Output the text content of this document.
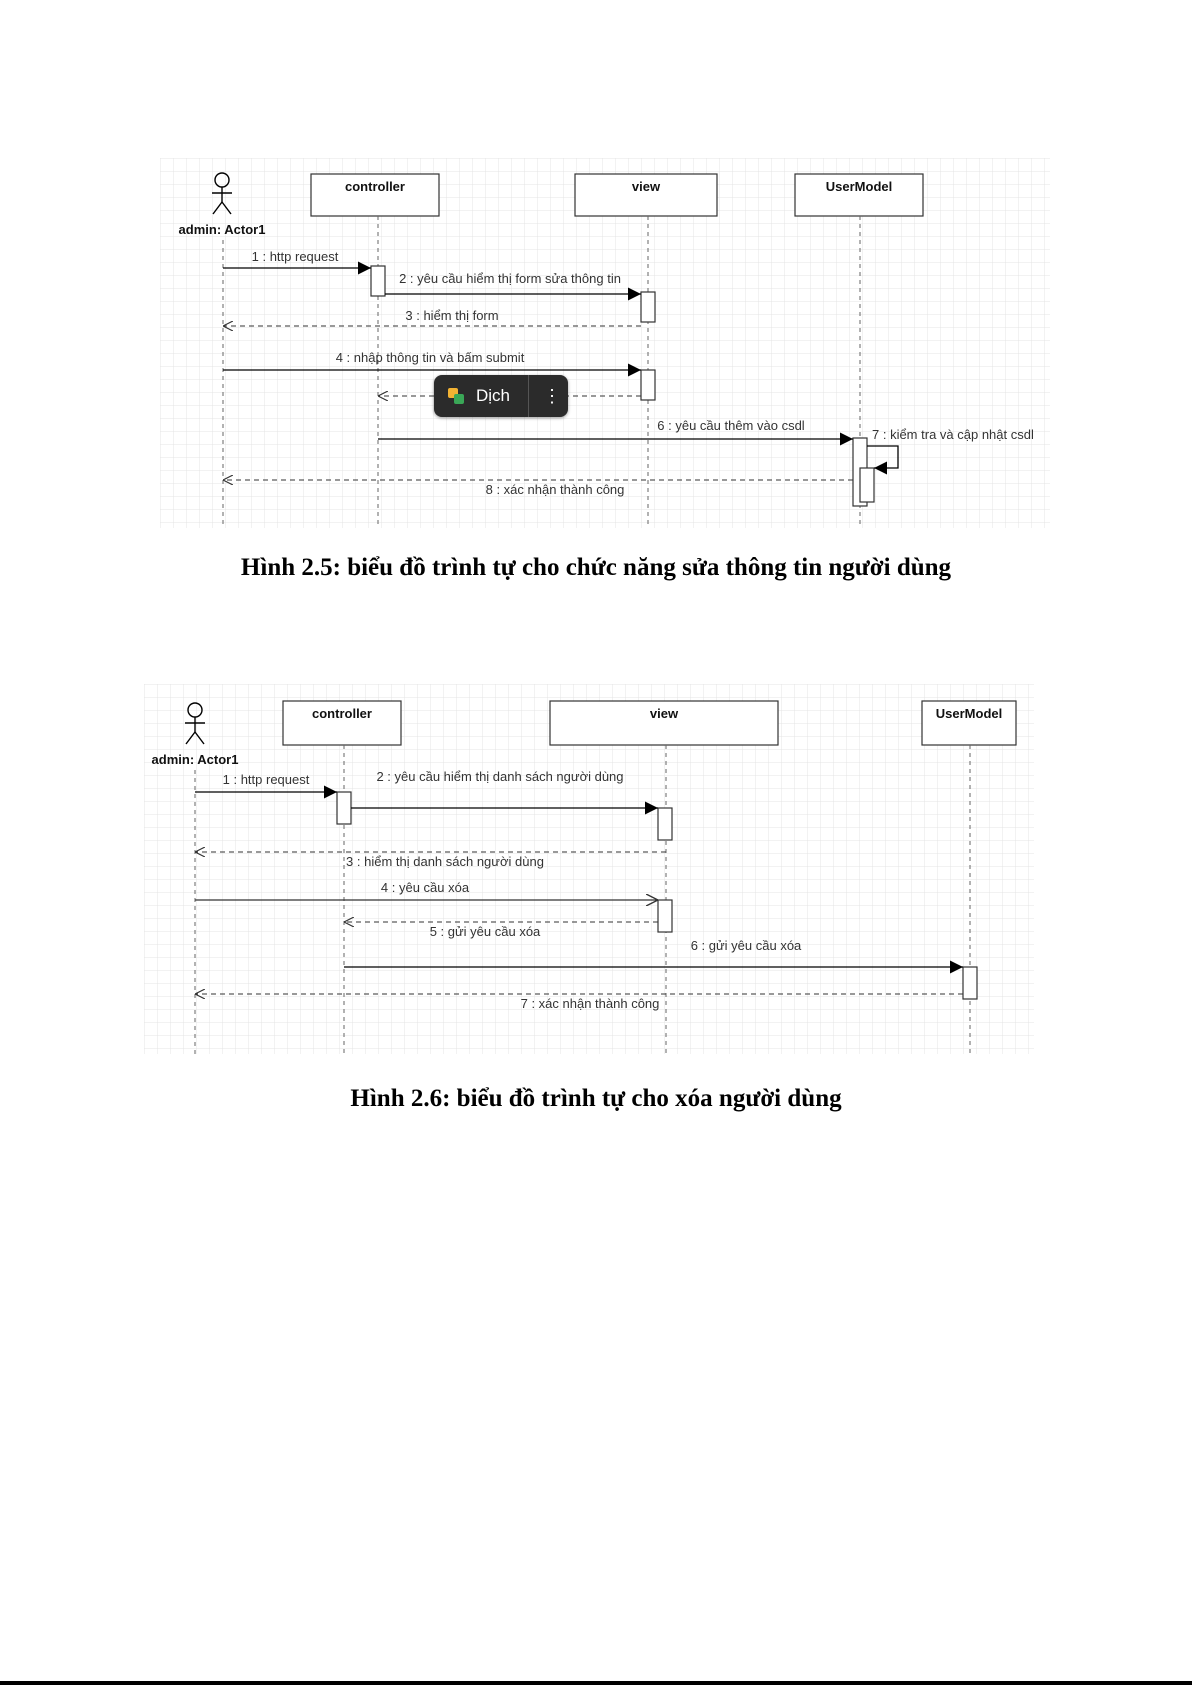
admin: Actor1
controller	view	UserModel
1 : http request
2 : yêu cầu hiểm thị form sửa thông tin
3 : hiểm thị form
4 : nhập thông tin và bấm submit
6 : yêu cầu thêm vào csdl
7 : kiểm tra và cập nhật csdl
8 : xác nhận thành công
Dịch ⋮
Hình 2.5: biểu đồ trình tự cho chức năng sửa thông tin người dùng
admin: Actor1
controller	view	UserModel
1 : http request	2 : yêu cầu hiểm thị danh sách người dùng
3 : hiểm thị danh sách người dùng
4 : yêu cầu xóa
5 : gửi yêu cầu xóa
6 : gửi yêu cầu xóa
7 : xác nhận thành công
Hình 2.6: biểu đồ trình tự cho xóa người dùng
